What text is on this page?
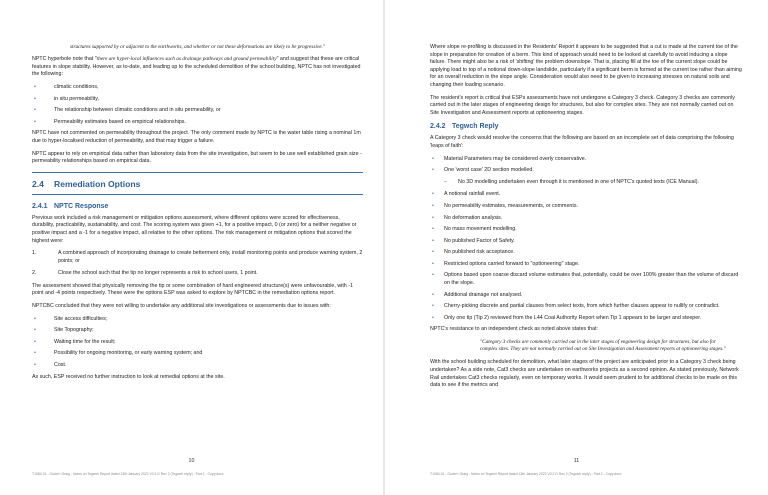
structures supported by or adjacent to the earthworks, and whether or not these deformations are likely to be progressive."

NPTC hyperbole note that "there are hyper-local influences such as drainage pathways and ground permeability" and suggest that these are critical features in slope stability. However, as to-date, and leading up to the scheduled demolition of the school building, NPTC has not investigated the following:

• climatic conditions,
• in situ permeability,
• The relationship between climatic conditions and in situ permeability, or
• Permeability estimates based on empirical relationships.

NPTC have not commented on permeability throughout the project. The only comment made by NPTC is the water table rising a nominal 1m due to hyper-localised reduction of permeability, and that may trigger a failure.

NPTC appear to rely on empirical data rather than laboratory data from the site investigation, but seem to be use well established grain size - permeability relationships based on empirical data.

2.4 Remediation Options
2.4.1 NPTC Response

Previous work included a risk management or mitigation options assessment, where different options were scored for effectiveness, durability, practicability, sustainability, and cost. The scoring system was given +1, for a positive impact, 0 (or zero) for a neither negative or positive impact and a -1 for a negative impact, all relative to the other options. The risk management or mitigation options that scored the highest were:

1.	A combined approach of incorporating drainage to create betterment only, install monitoring points and produce warning system, 2 points; or
2.	Close the school such that the tip no longer represents a risk to school users, 1 point.

The assessment showed that physically removing the tip or some combination of hard engineered structure(s) were unfavourable, with -1 point and -4 points respectively. These were the options ESP was asked to explore by NPTCBC in the remediation options report.

NPTCBC concluded that they were not willing to undertake any additional site investigations or assessments due to issues with:

• Site access difficulties;
• Site Topography;
• Waiting time for the result;
• Possibility for ongoing monitoring, or early warning system; and
• Cost.

As such, ESP received no further instruction to look at remedial options at the site.

10
T1084-01 - Godre'r Graig - Notes on Tegwch Report dated 13th January 2022 V0.2 D Rev 2 (Tegwch reply) - Part 1 - Copy.docx

Where slope re-profiling is discussed in the Residents' Report it appears to be suggested that a cut is made at the current toe of the slope in preparation for creation of a berm. This kind of approach would need to be looked at carefully to avoid inducing a slope failure. There might also be a risk of 'shifting' the problem downslope. That is, placing fill at the toe of the current slope could be applying load to top of a notional down-slope landslide, particularly if a significant berm is formed at the current toe rather than aiming for an overall reduction in the slope angle. Consideration would also need to be given to increasing stresses on natural soils and changing their loading scenario.

The resident's report is critical that ESPs assessments have not undergone a Category 3 check. Category 3 checks are commonly carried out in the later stages of engineering design for structures, but also for complex sites. They are not normally carried out on Site Investigation and Assessment reports at optioneering stages.

2.4.2 Tegwch Reply

A Category 3 check would resolve the concerns that the following are based on an incomplete set of data comprising the following 'leaps of faith':

• Material Parameters may be considered overly conservative.
• One 'worst case' 2D section modelled.
– No 3D modelling undertaken even through it is mentioned in one of NPTC's quoted texts (ICE Manual).
• A notional rainfall event.
• No permeability estimates, measurements, or comments.
• No deformation analysis.
• No mass movement modelling.
• No published Factor of Safety.
• No published risk acceptance.
• Restricted options carried forward to "optioneering" stage.
• Options based upon coarse discard volume estimates that, potentially, could be over 100% greater than the volume of discard on the slope.
• Additional drainage not analysed.
• Cherry-picking discrete and partial clauses from select texts, from which further clauses appear to nullify or contradict.
• Only one tip (Tip 2) reviewed from the L44 Coal Authority Report when Tip 1 appears to be larger and steeper.

NPTC's resistance to an independent check as noted above states that:

"Category 3 checks are commonly carried out in the later stages of engineering design for structures, but also for complex sites. They are not normally carried out on Site Investigation and Assessment reports at optioneering stages."

With the school building scheduled for demolition, what later stages of the project are anticipated prior to a Category 3 check being undertaken? As a side note, Cat3 checks are undertaken on earthworks projects as a second opinion. As stated previously, Network Rail undertakes Cat3 checks regularly, even on temporary works. It would seem prudent to for additional checks to be made on this data to see if the metrics and

11
T1084-01 - Godre'r Graig - Notes on Tegwch Report dated 13th January 2022 V0.2 D Rev 2 (Tegwch reply) - Part 2 - Copy.docx
